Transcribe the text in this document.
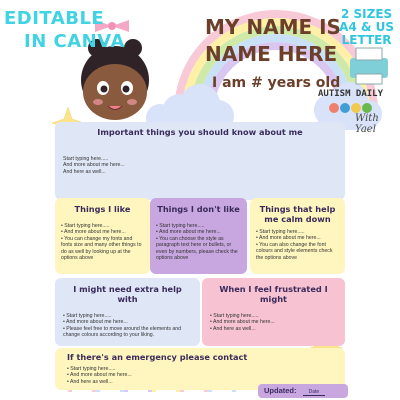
EDITABLE
IN CANVA
2 SIZES
A4 & US
LETTER
MY NAME IS
NAME HERE
I am # years old
AUTISM DAILY
With Yael
Important things you should know about me
Start typing here.....
And more about me here...
And here as well...
Things I like
• Start typing here.....
• And more about me here...
• You can change my fonts and fonts size and many other things to do as well by looking up at the options above
Things I don't like
• Start typing here.....
• And more about me here...
• You can choose the style as paragraph text here or bullets, or even by numbers, please check the options above
Things that help me calm down
• Start typing here.....
• And more about me here...
• You can also change the font colours and style elements check the options above
I might need extra help with
• Start typing here.....
• And more about me here...
• Please feel free to move around the elements and change colours according to your liking.
When I feel frustrated I might
• Start typing here.....
• And more about me here...
• And here as well...
If there's an emergency please contact
• Start typing here.....
• And more about me here...
• And here as well...
Updated: Date
